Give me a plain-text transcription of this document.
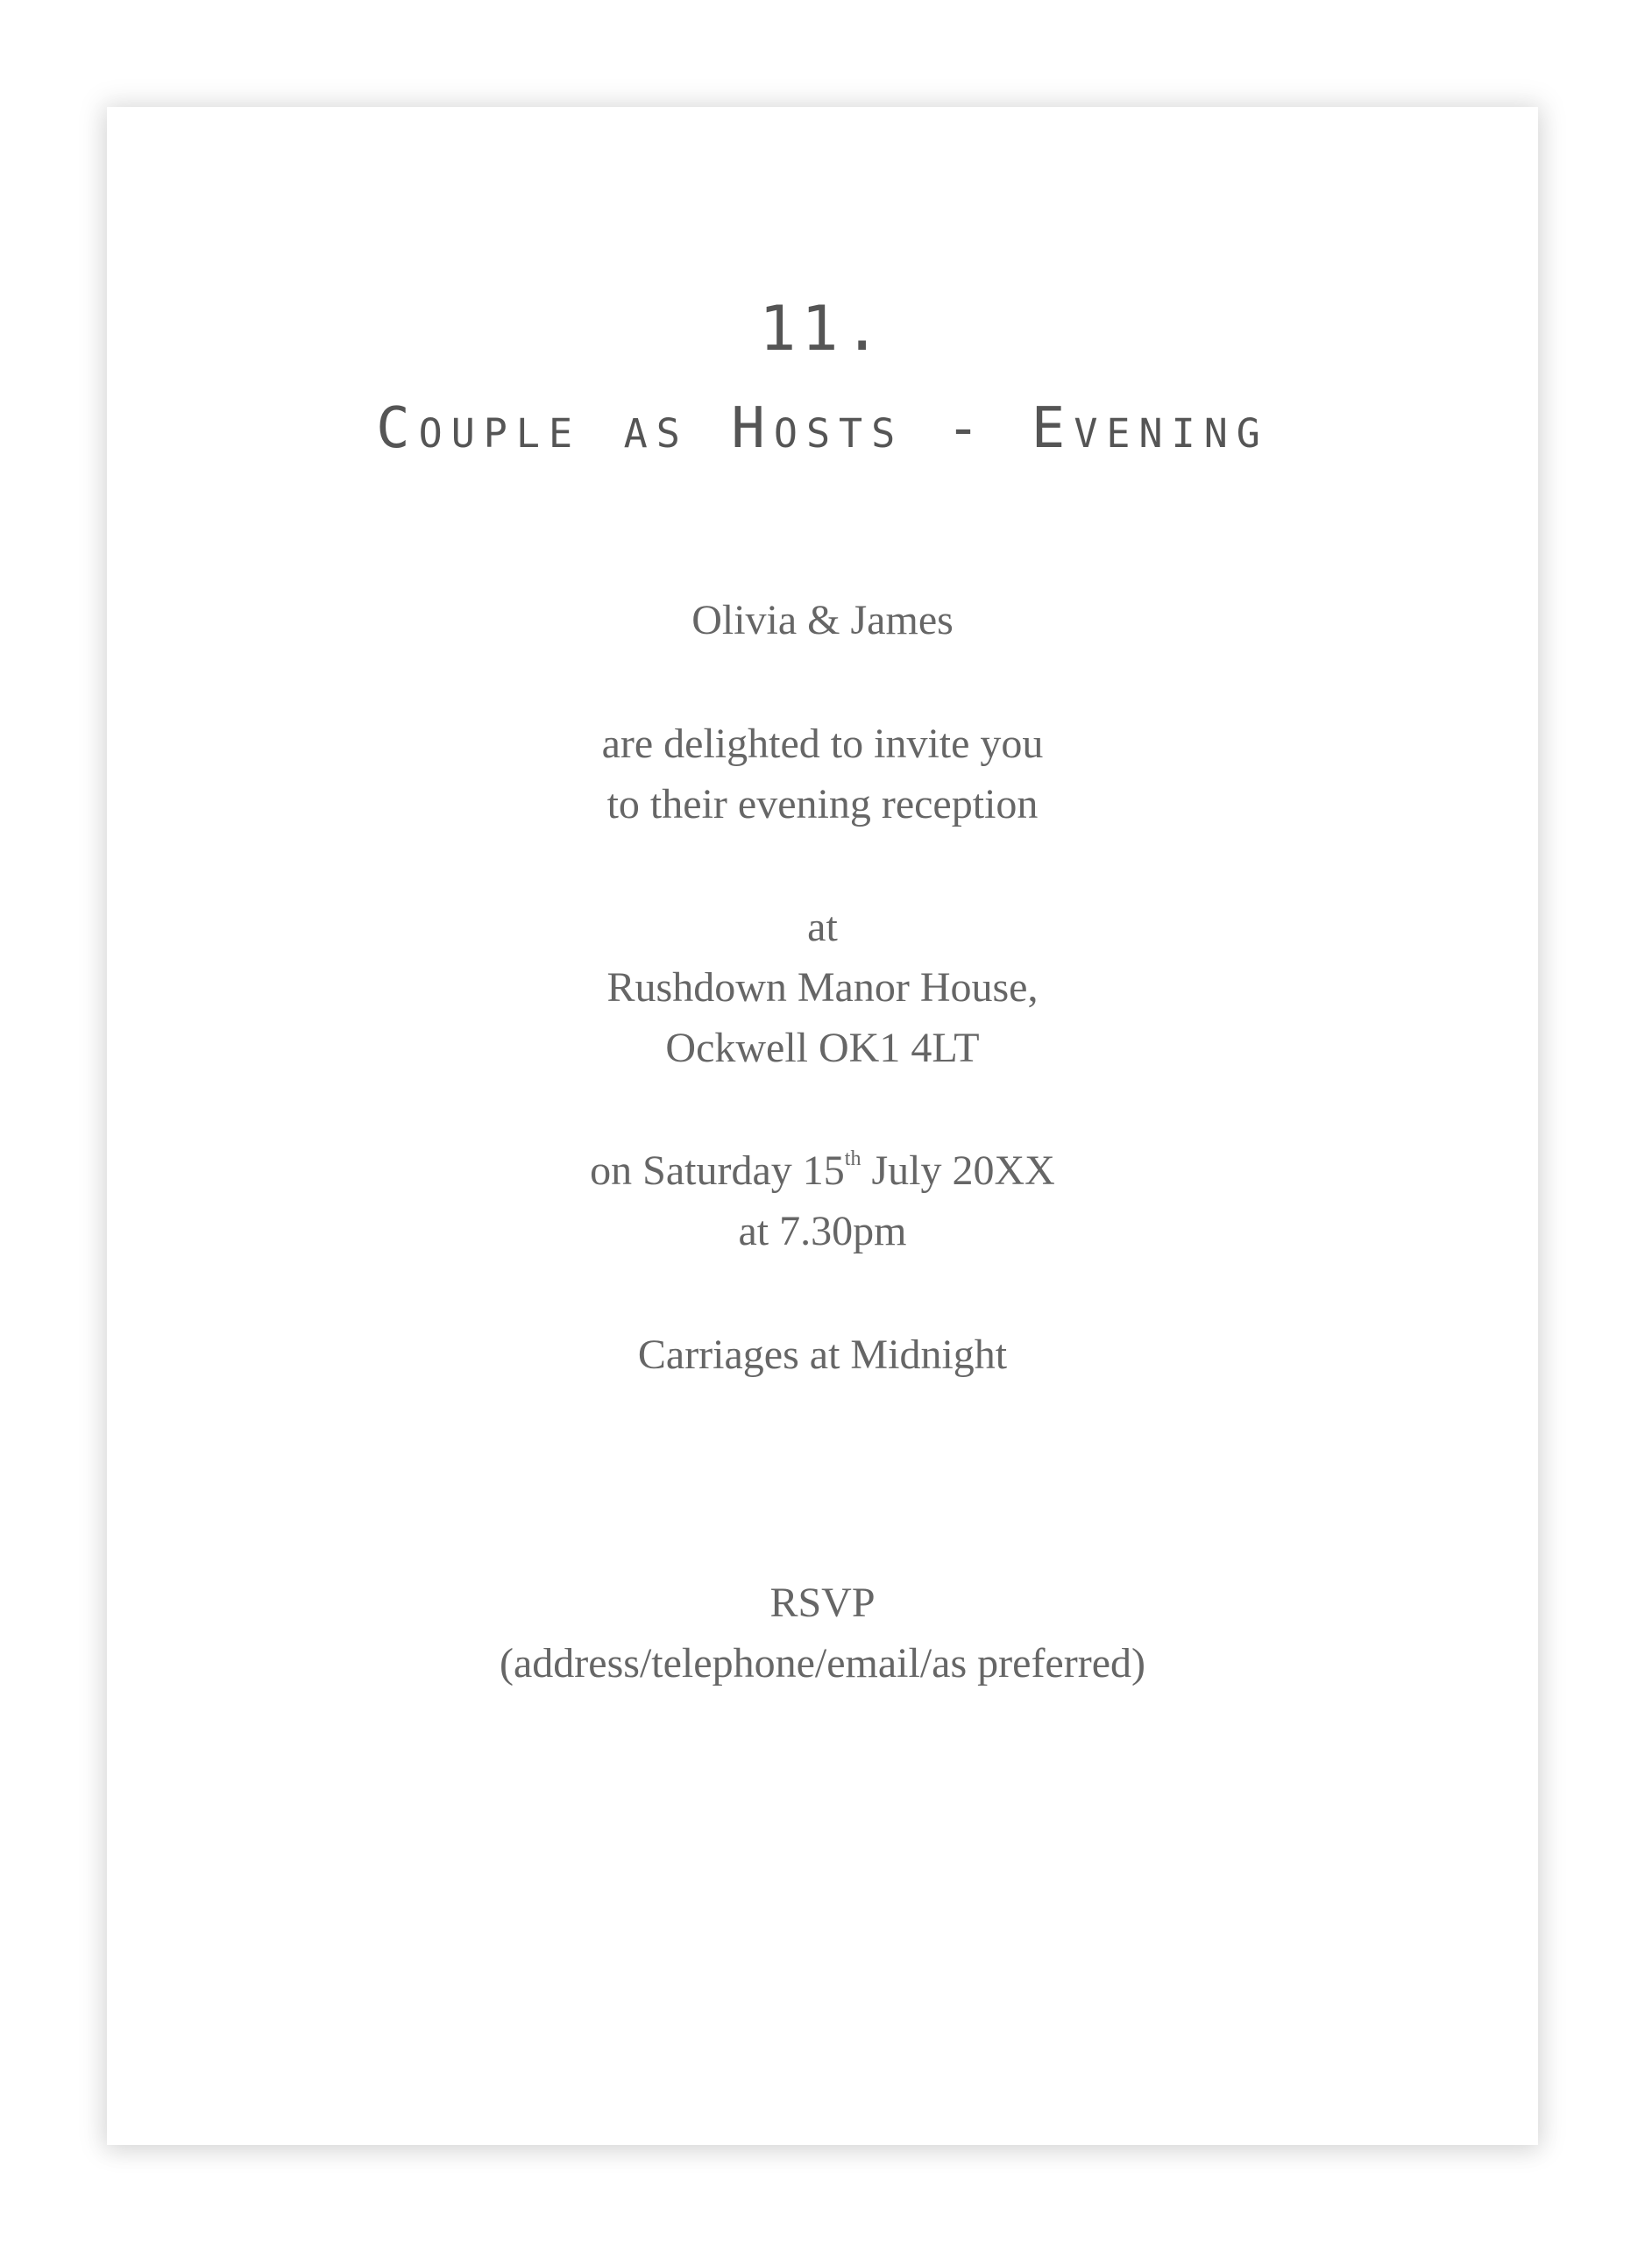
11.
Couple as Hosts - Evening
Olivia & James
are delighted to invite you
to their evening reception
at
Rushdown Manor House,
Ockwell OK1 4LT
on Saturday 15th July 20XX
at 7.30pm
Carriages at Midnight
RSVP
(address/telephone/email/as preferred)
